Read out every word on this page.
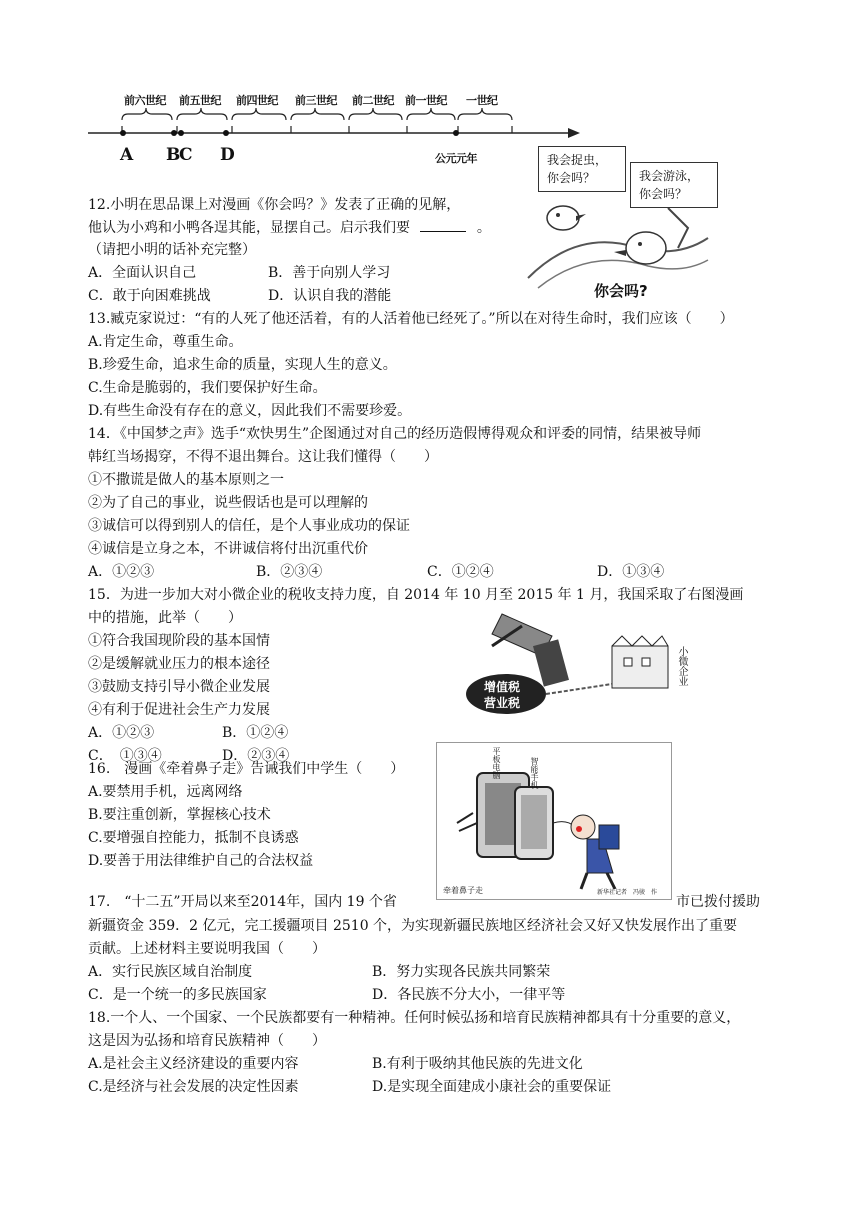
前六世纪 前五世纪 前四世纪 前三世纪 前二世纪 前一世纪 一世纪
A B
C D	公元元年
你会吗?
我会捉虫，
你会吗？	我会游泳，
你会吗？
12.小明在思品课上对漫画《你会吗？》发表了正确的见解，
他认为小鸡和小鸭各逞其能，显摆自己。启示我们要	。
（请把小明的话补充完整）
A．全面认识自己	B．善于向别人学习
C．敢于向困难挑战	D．认识自我的潜能
13.臧克家说过：“有的人死了他还活着，有的人活着他已经死了。”所以在对待生命时，我们应该（　　）
A.肯定生命，尊重生命。
B.珍爱生命，追求生命的质量，实现人生的意义。
C.生命是脆弱的，我们要保护好生命。
D.有些生命没有存在的意义，因此我们不需要珍爱。
14．《中国梦之声》选手“欢快男生”企图通过对自己的经历造假博得观众和评委的同情，结果被导师
韩红当场揭穿，不得不退出舞台。这让我们懂得（　　）
①不撒谎是做人的基本原则之一
②为了自己的事业，说些假话也是可以理解的
③诚信可以得到别人的信任，是个人事业成功的保证
④诚信是立身之本，不讲诚信将付出沉重代价
A．①②③	B．②③④	C．①②④	D．①③④
15．为进一步加大对小微企业的税收支持力度，自 2014 年 10 月至 2015 年 1 月，我国采取了右图漫画
中的措施，此举（　　）
①符合我国现阶段的基本国情
②是缓解就业压力的根本途径
③鼓励支持引导小微企业发展
④有利于促进社会生产力发展
A．①②③	B．①②④
C．　①③④	D．②③④
增值税
营业税
小微企业
税收
16.　漫画《牵着鼻子走》告诫我们中学生（　　）
A.要禁用手机，远离网络
B.要注重创新，掌握核心技术
C.要增强自控能力，抵制不良诱惑
D.要善于用法律维护自己的合法权益
平板电脑	智能手机
牵着鼻子走	新华社记者　冯骏　作
17.　“十二五”开局以来至2014年，国内 19 个省	市已拨付援助
新疆资金 359．2 亿元，完工援疆项目 2510 个，为实现新疆民族地区经济社会又好又快发展作出了重要
贡献。上述材料主要说明我国（　　）
A．实行民族区域自治制度	B．努力实现各民族共同繁荣
C．是一个统一的多民族国家	D．各民族不分大小，一律平等
18.一个人、一个国家、一个民族都要有一种精神。任何时候弘扬和培育民族精神都具有十分重要的意义，
这是因为弘扬和培育民族精神（　　）
A.是社会主义经济建设的重要内容	B.有利于吸纳其他民族的先进文化
C.是经济与社会发展的决定性因素	D.是实现全面建成小康社会的重要保证
